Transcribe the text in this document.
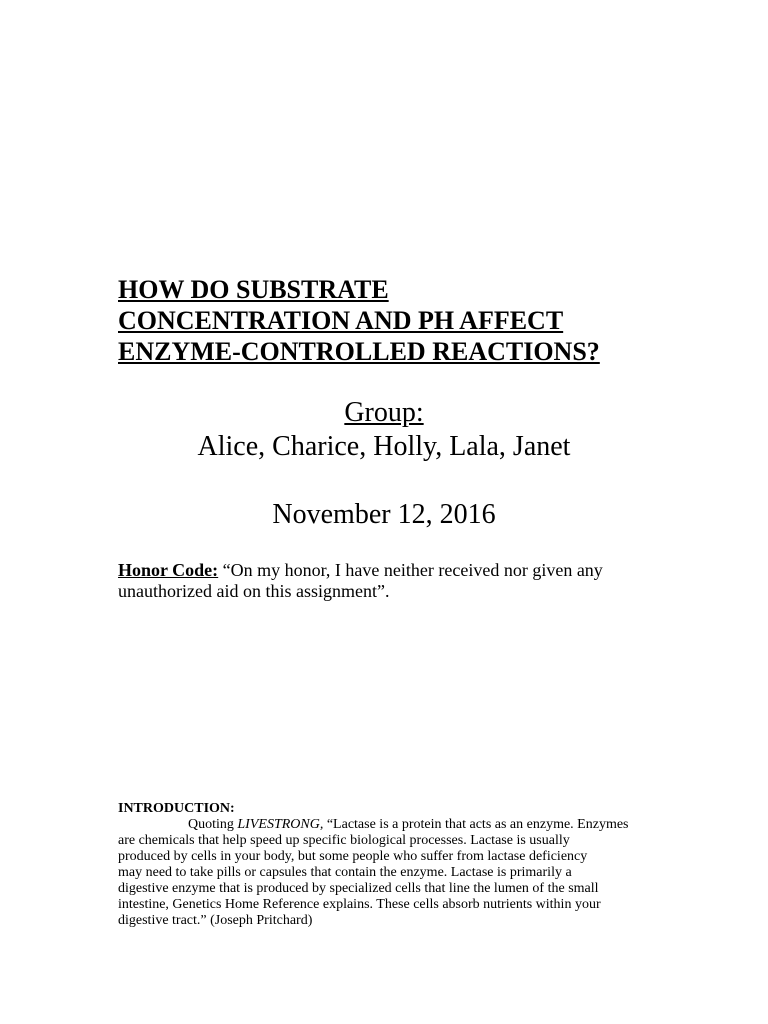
HOW DO SUBSTRATE
CONCENTRATION AND PH AFFECT
ENZYME-CONTROLLED REACTIONS?
Group:
Alice, Charice, Holly, Lala, Janet
November 12, 2016

Honor Code: “On my honor, I have neither received nor given any
unauthorized aid on this assignment”.

INTRODUCTION:
Quoting LIVESTRONG, “Lactase is a protein that acts as an enzyme. Enzymes
are chemicals that help speed up specific biological processes. Lactase is usually
produced by cells in your body, but some people who suffer from lactase deficiency
may need to take pills or capsules that contain the enzyme. Lactase is primarily a
digestive enzyme that is produced by specialized cells that line the lumen of the small
intestine, Genetics Home Reference explains. These cells absorb nutrients within your
digestive tract.” (Joseph Pritchard)
